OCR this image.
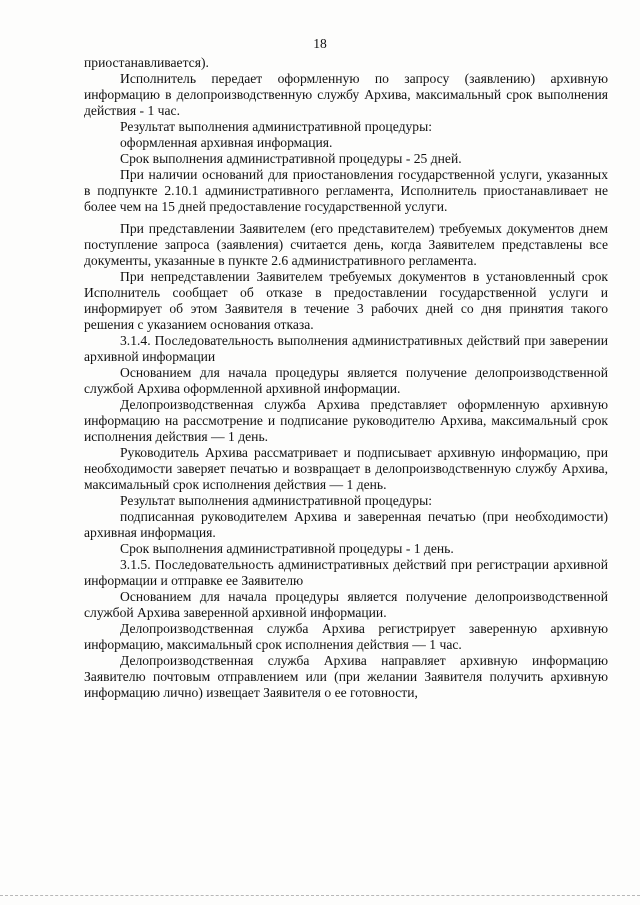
18

приостанавливается).

Исполнитель передает оформленную по запросу (заявлению) архивную информацию в делопроизводственную службу Архива, максимальный срок выполнения действия - 1 час.

Результат выполнения административной процедуры:

оформленная архивная информация.

Срок выполнения административной процедуры - 25 дней.

При наличии оснований для приостановления государственной услуги, указанных в подпункте 2.10.1 административного регламента, Исполнитель приостанавливает не более чем на 15 дней предоставление государственной услуги.

При представлении Заявителем (его представителем) требуемых документов днем поступление запроса (заявления) считается день, когда Заявителем представлены все документы, указанные в пункте 2.6 административного регламента.

При непредставлении Заявителем требуемых документов в установленный срок Исполнитель сообщает об отказе в предоставлении государственной услуги и информирует об этом Заявителя в течение 3 рабочих дней со дня принятия такого решения с указанием основания отказа.

3.1.4. Последовательность выполнения административных действий при заверении архивной информации

Основанием для начала процедуры является получение делопроизводственной службой Архива оформленной архивной информации.

Делопроизводственная служба Архива представляет оформленную архивную информацию на рассмотрение и подписание руководителю Архива, максимальный срок исполнения действия — 1 день.

Руководитель Архива рассматривает и подписывает архивную информацию, при необходимости заверяет печатью и возвращает в делопроизводственную службу Архива, максимальный срок исполнения действия — 1 день.

Результат выполнения административной процедуры:

подписанная руководителем Архива и заверенная печатью (при необходимости) архивная информация.

Срок выполнения административной процедуры - 1 день.

3.1.5. Последовательность административных действий при регистрации архивной информации и отправке ее Заявителю

Основанием для начала процедуры является получение делопроизводственной службой Архива заверенной архивной информации.

Делопроизводственная служба Архива регистрирует заверенную архивную информацию, максимальный срок исполнения действия — 1 час.

Делопроизводственная служба Архива направляет архивную информацию Заявителю почтовым отправлением или (при желании Заявителя получить архивную информацию лично) извещает Заявителя о ее готовности,
